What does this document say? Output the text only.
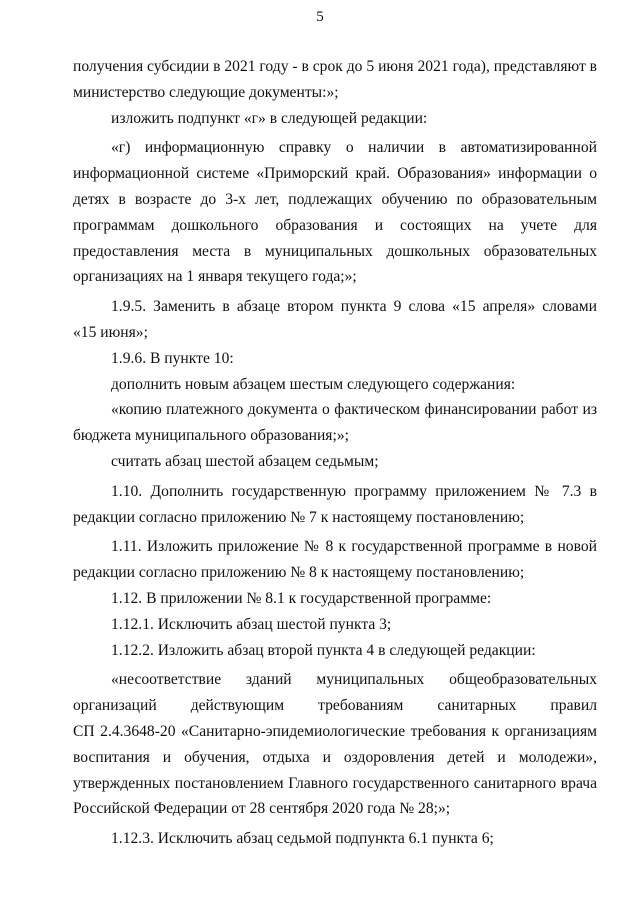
5
получения субсидии в 2021 году - в срок до 5 июня 2021 года), представляют в
министерство следующие документы:»;
изложить подпункт «г» в следующей редакции:
«г) информационную справку о наличии в автоматизированной
информационной системе «Приморский край. Образования» информации о
детях в возрасте до 3-х лет, подлежащих обучению по образовательным
программам дошкольного образования и состоящих на учете для
предоставления места в муниципальных дошкольных образовательных
организациях на 1 января текущего года;»;
1.9.5. Заменить в абзаце втором пункта 9 слова «15 апреля» словами
«15 июня»;
1.9.6. В пункте 10:
дополнить новым абзацем шестым следующего содержания:
«копию платежного документа о фактическом финансировании работ из
бюджета муниципального образования;»;
считать абзац шестой абзацем седьмым;
1.10. Дополнить государственную программу приложением № 7.3 в
редакции согласно приложению № 7 к настоящему постановлению;
1.11. Изложить приложение № 8 к государственной программе в новой
редакции согласно приложению № 8 к настоящему постановлению;
1.12. В приложении № 8.1 к государственной программе:
1.12.1. Исключить абзац шестой пункта 3;
1.12.2. Изложить абзац второй пункта 4 в следующей редакции:
«несоответствие зданий муниципальных общеобразовательных
организаций действующим требованиям санитарных правил
СП 2.4.3648-20 «Санитарно-эпидемиологические требования к организациям
воспитания и обучения, отдыха и оздоровления детей и молодежи»,
утвержденных постановлением Главного государственного санитарного врача
Российской Федерации от 28 сентября 2020 года № 28;»;
1.12.3. Исключить абзац седьмой подпункта 6.1 пункта 6;
